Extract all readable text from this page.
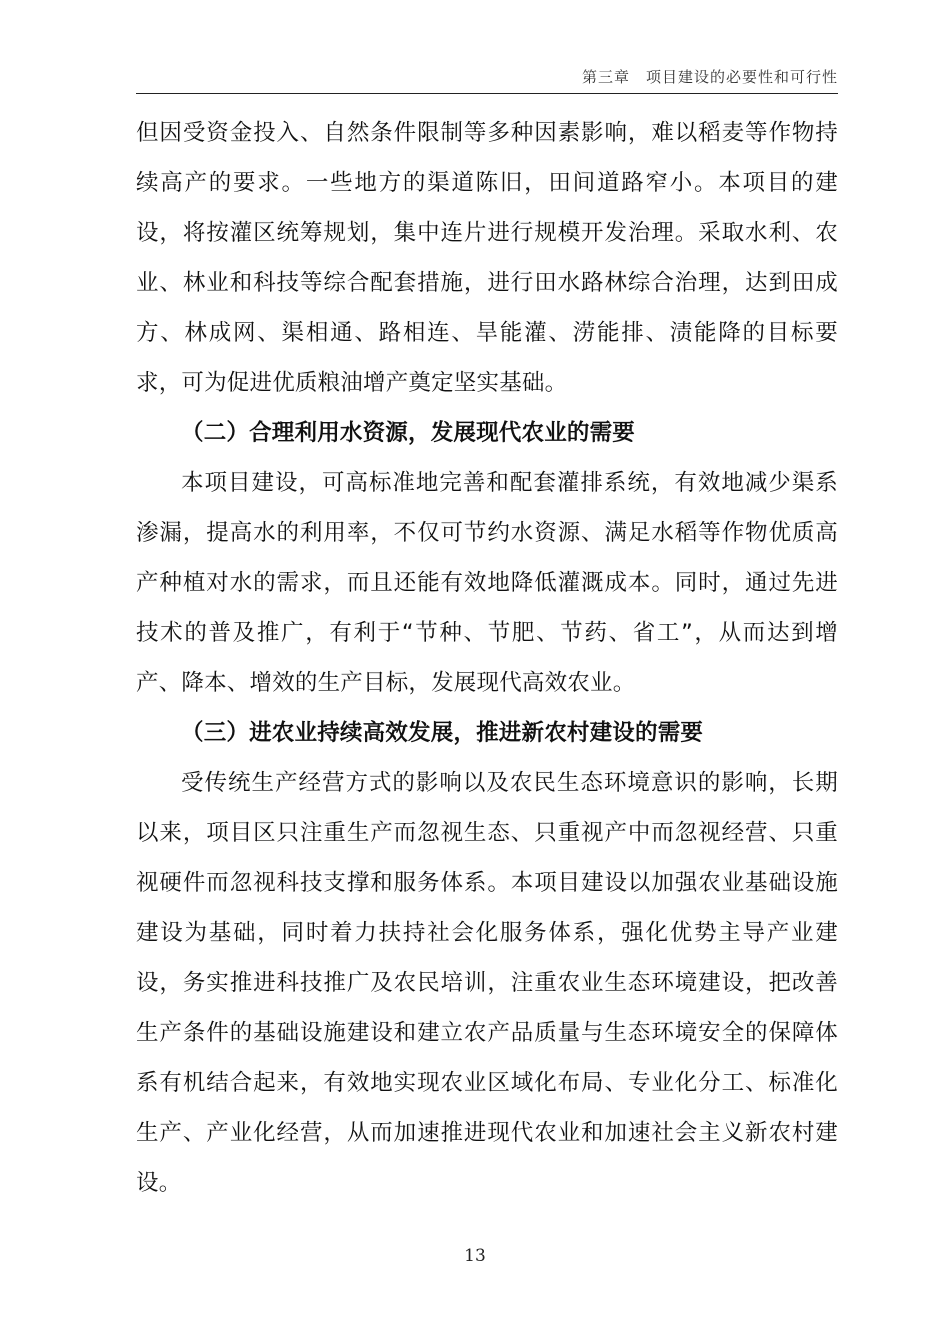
第三章　项目建设的必要性和可行性

但因受资金投入、自然条件限制等多种因素影响，难以稻麦等作物持续高产的要求。一些地方的渠道陈旧，田间道路窄小。本项目的建设，将按灌区统筹规划，集中连片进行规模开发治理。采取水利、农业、林业和科技等综合配套措施，进行田水路林综合治理，达到田成方、林成网、渠相通、路相连、旱能灌、涝能排、渍能降的目标要求，可为促进优质粮油增产奠定坚实基础。

（二）合理利用水资源，发展现代农业的需要

本项目建设，可高标准地完善和配套灌排系统，有效地减少渠系渗漏，提高水的利用率，不仅可节约水资源、满足水稻等作物优质高产种植对水的需求，而且还能有效地降低灌溉成本。同时，通过先进技术的普及推广，有利于“节种、节肥、节药、省工”，从而达到增产、降本、增效的生产目标，发展现代高效农业。

（三）进农业持续高效发展，推进新农村建设的需要

受传统生产经营方式的影响以及农民生态环境意识的影响，长期以来，项目区只注重生产而忽视生态、只重视产中而忽视经营、只重视硬件而忽视科技支撑和服务体系。本项目建设以加强农业基础设施建设为基础，同时着力扶持社会化服务体系，强化优势主导产业建设，务实推进科技推广及农民培训，注重农业生态环境建设，把改善生产条件的基础设施建设和建立农产品质量与生态环境安全的保障体系有机结合起来，有效地实现农业区域化布局、专业化分工、标准化生产、产业化经营，从而加速推进现代农业和加速社会主义新农村建设。

13
